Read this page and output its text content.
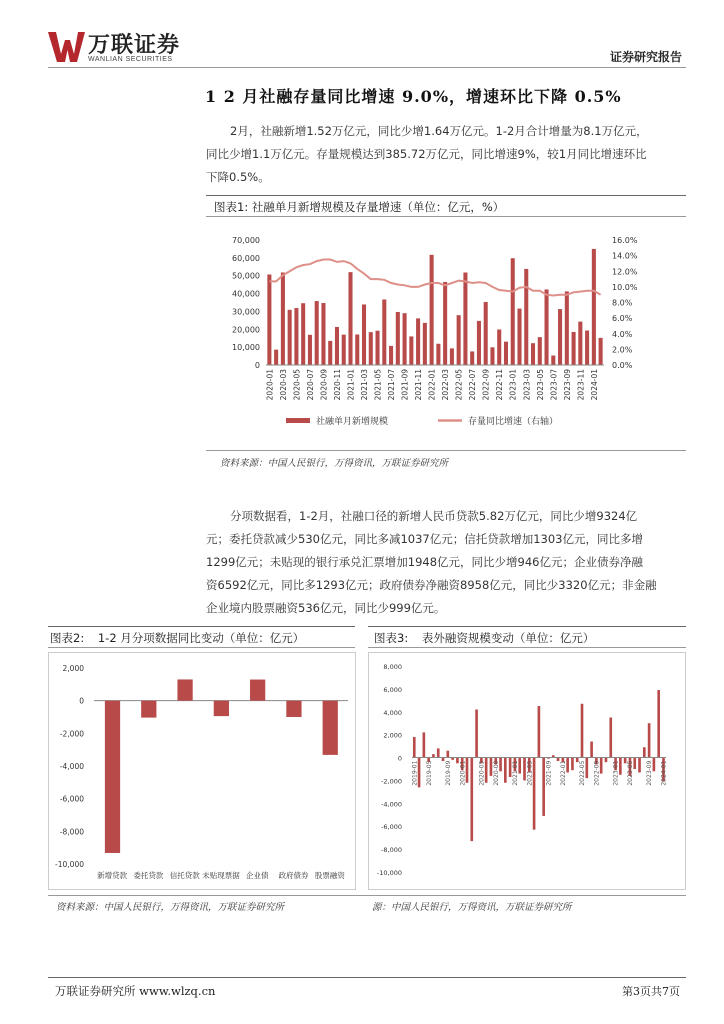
万联证券
WANLIAN SECURITIES	证券研究报告
1 2 月社融存量同比增速 9.0%，增速环比下降 0.5%
2月，社融新增1.52万亿元，同比少增1.64万亿元。1-2月合计增量为8.1万亿元，
同比少增1.1万亿元。存量规模达到385.72万亿元，同比增速9%，较1月同比增速环比
下降0.5%。
图表1: 社融单月新增规模及存量增速（单位：亿元，%）
0
10,000
20,000
30,000
40,000
50,000
60,000
70,000
0.0%
2.0%
4.0%
6.0%
8.0%
10.0%
12.0%
14.0%
16.0%
2020-01 2020-03 2020-05 2020-07 2020-09 2020-11 2021-01 2021-03 2021-05 2021-07 2021-09 2021-11 2022-01 2022-03 2022-05 2022-07 2022-09 2022-11 2023-01 2023-03 2023-05 2023-07 2023-09 2023-11 2024-01
社融单月新增规模	存量同比增速（右轴）
资料来源：中国人民银行，万得资讯，万联证券研究所
分项数据看，1-2月，社融口径的新增人民币贷款5.82万亿元，同比少增9324亿
元；委托贷款减少530亿元，同比多减1037亿元；信托贷款增加1303亿元，同比多增
1299亿元；未贴现的银行承兑汇票增加1948亿元，同比少增946亿元；企业债券净融
资6592亿元，同比多1293亿元；政府债券净融资8958亿元，同比少3320亿元；非金融
企业境内股票融资536亿元，同比少999亿元。
图表2: 1-2 月分项数据同比变动（单位：亿元）	图表3: 表外融资规模变动（单位：亿元）
2,000
0
-2,000
-4,000
-6,000
-8,000
-10,000
新增贷款 委托贷款 信托贷款 未贴现票据 企业债 政府债券 股票融资
8,000
6,000
4,000
2,000
0
-2,000
-4,000
-6,000
-8,000
-10,000
2019-01 2019-05 2019-09 2020-01 2020-05 2020-09 2021-01 2021-05 2021-09 2022-01 2022-05 2022-09 2023-01 2023-05 2023-09 2024-01
资料来源：中国人民银行，万得资讯，万联证券研究所	源：中国人民银行，万得资讯，万联证券研究所
万联证券研究所 www.wlzq.cn	第3页共7页
